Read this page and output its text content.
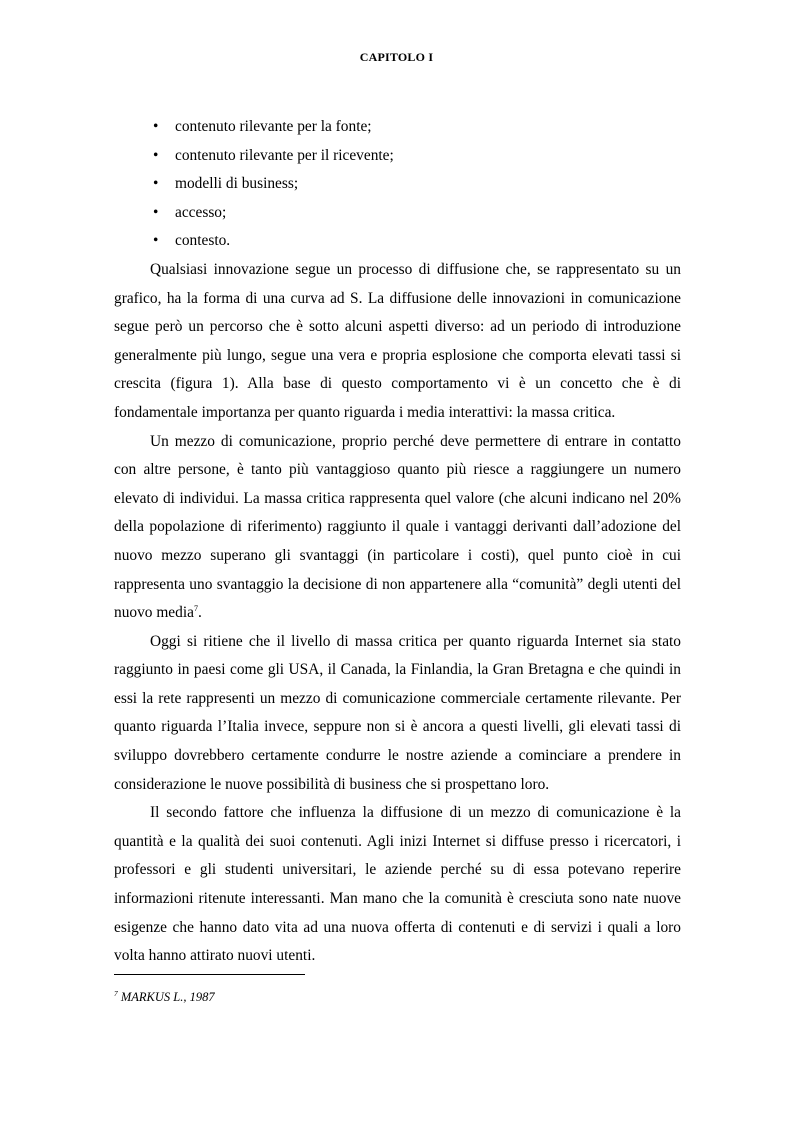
CAPITOLO I
• contenuto rilevante per la fonte;
• contenuto rilevante per il ricevente;
• modelli di business;
• accesso;
• contesto.

Qualsiasi innovazione segue un processo di diffusione che, se rappresentato su un grafico, ha la forma di una curva ad S. La diffusione delle innovazioni in comunicazione segue però un percorso che è sotto alcuni aspetti diverso: ad un periodo di introduzione generalmente più lungo, segue una vera e propria esplosione che comporta elevati tassi si crescita (figura 1). Alla base di questo comportamento vi è un concetto che è di fondamentale importanza per quanto riguarda i media interattivi: la massa critica.

Un mezzo di comunicazione, proprio perché deve permettere di entrare in contatto con altre persone, è tanto più vantaggioso quanto più riesce a raggiungere un numero elevato di individui. La massa critica rappresenta quel valore (che alcuni indicano nel 20% della popolazione di riferimento) raggiunto il quale i vantaggi derivanti dall’adozione del nuovo mezzo superano gli svantaggi (in particolare i costi), quel punto cioè in cui rappresenta uno svantaggio la decisione di non appartenere alla “comunità” degli utenti del nuovo media$^7$.

Oggi si ritiene che il livello di massa critica per quanto riguarda Internet sia stato raggiunto in paesi come gli USA, il Canada, la Finlandia, la Gran Bretagna e che quindi in essi la rete rappresenti un mezzo di comunicazione commerciale certamente rilevante. Per quanto riguarda l’Italia invece, seppure non si è ancora a questi livelli, gli elevati tassi di sviluppo dovrebbero certamente condurre le nostre aziende a cominciare a prendere in considerazione le nuove possibilità di business che si prospettano loro.

Il secondo fattore che influenza la diffusione di un mezzo di comunicazione è la quantità e la qualità dei suoi contenuti. Agli inizi Internet si diffuse presso i ricercatori, i professori e gli studenti universitari, le aziende perché su di essa potevano reperire informazioni ritenute interessanti. Man mano che la comunità è cresciuta sono nate nuove esigenze che hanno dato vita ad una nuova offerta di contenuti e di servizi i quali a loro volta hanno attirato nuovi utenti.

$^7$ MARKUS L., 1987
